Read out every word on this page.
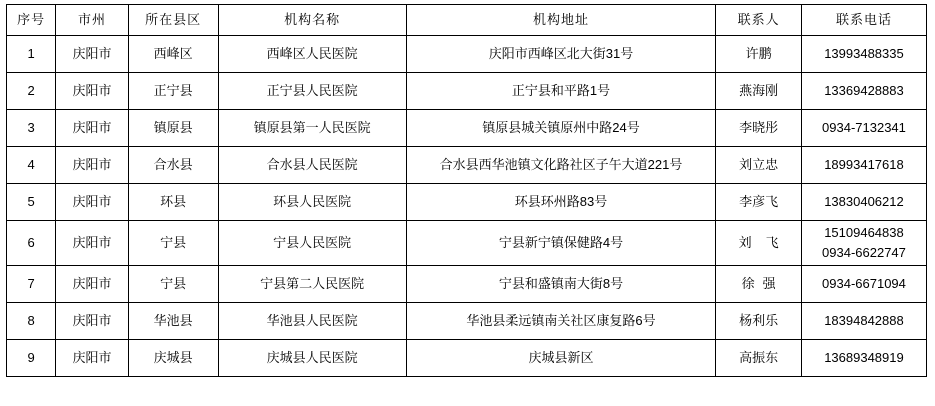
序号	市州	所在县区	机构名称	机构地址	联系人	联系电话
1	庆阳市	西峰区	西峰区人民医院	庆阳市西峰区北大街31号	许鹏	13993488335
2	庆阳市	正宁县	正宁县人民医院	正宁县和平路1号	燕海刚	13369428883
3	庆阳市	镇原县	镇原县第一人民医院	镇原县城关镇原州中路24号	李晓彤	0934-7132341
4	庆阳市	合水县	合水县人民医院	合水县西华池镇文化路社区子午大道221号	刘立忠	18993417618
5	庆阳市	环县	环县人民医院	环县环州路83号	李彦飞	13830406212
6	庆阳市	宁县	宁县人民医院	宁县新宁镇保健路4号	刘飞	15109464838
0934-6622747

7	庆阳市	宁县	宁县第二人民医院	宁县和盛镇南大街8号	徐强	0934-6671094
8	庆阳市	华池县	华池县人民医院	华池县柔远镇南关社区康复路6号	杨利乐	18394842888
9	庆阳市	庆城县	庆城县人民医院	庆城县新区	高振东	13689348919
